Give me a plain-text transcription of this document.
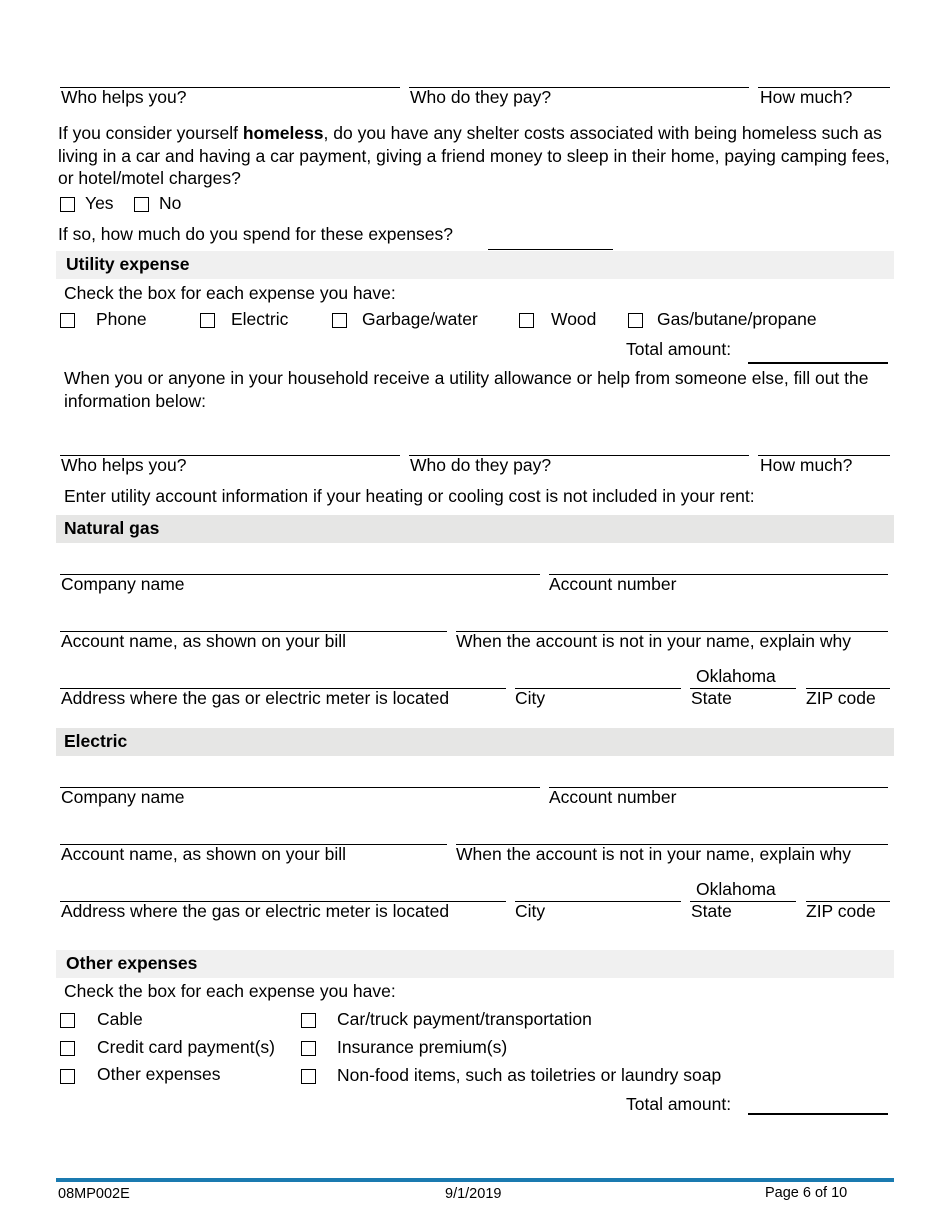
Who helps you?	Who do they pay?	How much?
If you consider yourself homeless, do you have any shelter costs associated with being homeless such as living in a car and having a car payment, giving a friend money to sleep in their home, paying camping fees, or hotel/motel charges?
Yes	No
If so, how much do you spend for these expenses?
Utility expense
Check the box for each expense you have:
Phone	Electric	Garbage/water	Wood	Gas/butane/propane
Total amount:
When you or anyone in your household receive a utility allowance or help from someone else, fill out the information below:
Who helps you?	Who do they pay?	How much?
Enter utility account information if your heating or cooling cost is not included in your rent:
Natural gas
Company name	Account number
Account name, as shown on your bill	When the account is not in your name, explain why
Oklahoma
Address where the gas or electric meter is located	City	State	ZIP code
Electric
Company name	Account number
Account name, as shown on your bill	When the account is not in your name, explain why
Oklahoma
Address where the gas or electric meter is located	City	State	ZIP code
Other expenses
Check the box for each expense you have:
Cable	Car/truck payment/transportation
Credit card payment(s)	Insurance premium(s)
Other expenses	Non-food items, such as toiletries or laundry soap
Total amount:
08MP002E	9/1/2019	Page 6 of 10
